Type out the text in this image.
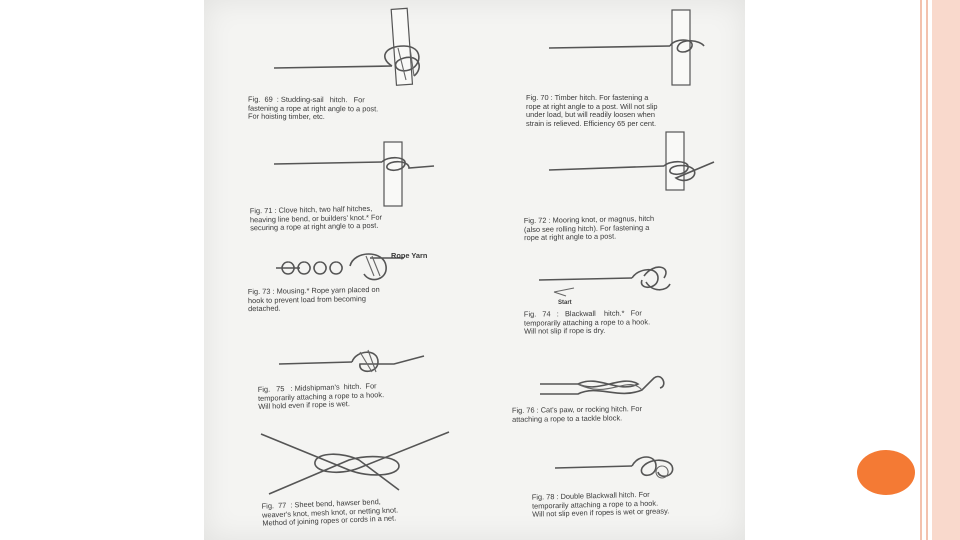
Rope Yarn
Start
Fig.  69  : Studding-sail   hitch.   For
fastening a rope at right angle to a post.
For hoisting timber, etc.
Fig. 70 : Timber hitch. For fastening a
rope at right angle to a post. Will not slip
under load, but will readily loosen when
strain is relieved. Efficiency 65 per cent.
Fig. 71 : Clove hitch, two half hitches,
heaving line bend, or builders' knot.* For
securing a rope at right angle to a post.
Fig. 72 : Mooring knot, or magnus, hitch
(also see rolling hitch). For fastening a
rope at right angle to a post.
Fig. 73 : Mousing.* Rope yarn placed on
hook to prevent load from becoming
detached.	Fig.   74   :   Blackwall    hitch.*   For
temporarily attaching a rope to a hook.
Will not slip if rope is dry.
Fig.   75   : Midshipman's  hitch.  For
temporarily attaching a rope to a hook.
Will hold even if rope is wet.	Fig. 76 : Cat's paw, or rocking hitch. For
attaching a rope to a tackle block.
Fig.  77  : Sheet bend, hawser bend,
weaver's knot, mesh knot, or netting knot.
Method of joining ropes or cords in a net.
Fig. 78 : Double Blackwall hitch. For
temporarily attaching a rope to a hook.
Will not slip even if ropes is wet or greasy.
